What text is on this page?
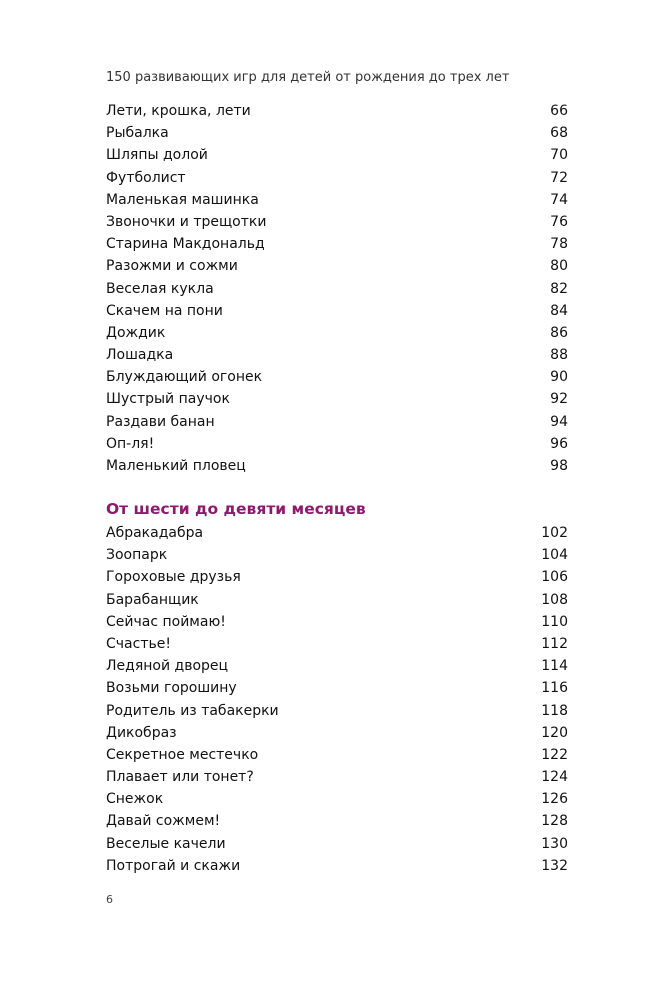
150 развивающих игр для детей от рождения до трех лет
Лети, крошка, лети	66
Рыбалка	68
Шляпы долой	70
Футболист	72
Маленькая машинка	74
Звоночки и трещотки	76
Старина Макдональд	78
Разожми и сожми	80
Веселая кукла	82
Скачем на пони	84
Дождик	86
Лошадка	88
Блуждающий огонек	90
Шустрый паучок	92
Раздави банан	94
Оп-ля!	96
Маленький пловец	98
От шести до девяти месяцев
Абракадабра	102
Зоопарк	104
Гороховые друзья	106
Барабанщик	108
Сейчас поймаю!	110
Счастье!	112
Ледяной дворец	114
Возьми горошину	116
Родитель из табакерки	118
Дикобраз	120
Секретное местечко	122
Плавает или тонет?	124
Снежок	126
Давай сожмем!	128
Веселые качели	130
Потрогай и скажи	132
6
